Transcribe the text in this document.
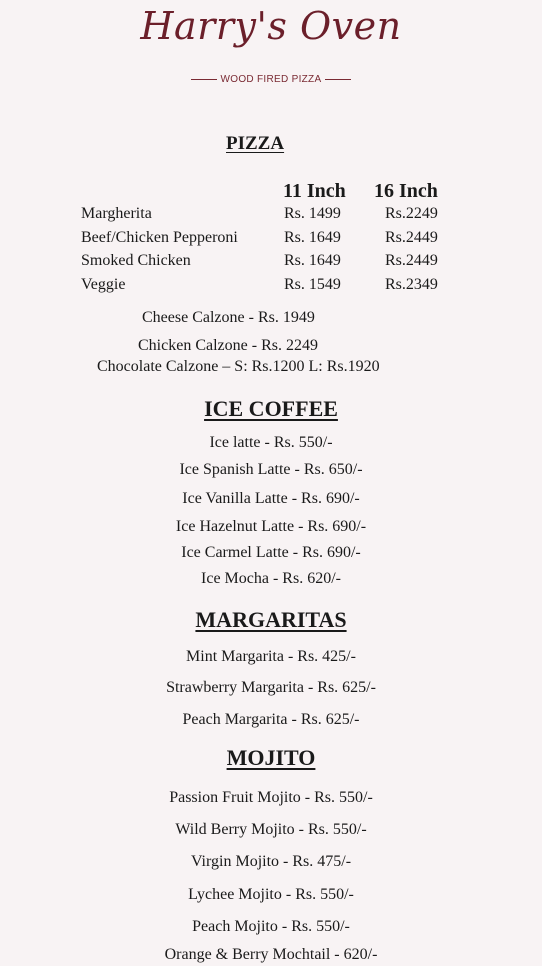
Harry's Oven
WOOD FIRED PIZZA
PIZZA
11 Inch 16 Inch
Margherita	Rs. 1499	Rs.2249
Beef/Chicken Pepperoni	Rs. 1649	Rs.2449
Smoked Chicken	Rs. 1649	Rs.2449
Veggie	Rs. 1549	Rs.2349
Cheese Calzone - Rs. 1949
Chicken Calzone - Rs. 2249
Chocolate Calzone – S: Rs.1200 L: Rs.1920
ICE COFFEE
Ice latte - Rs. 550/-
Ice Spanish Latte - Rs. 650/-
Ice Vanilla Latte - Rs. 690/-
Ice Hazelnut Latte - Rs. 690/-
Ice Carmel Latte - Rs. 690/-
Ice Mocha - Rs. 620/-
MARGARITAS
Mint Margarita - Rs. 425/-
Strawberry Margarita - Rs. 625/-
Peach Margarita - Rs. 625/-
MOJITO
Passion Fruit Mojito - Rs. 550/-
Wild Berry Mojito - Rs. 550/-
Virgin Mojito - Rs. 475/-
Lychee Mojito - Rs. 550/-
Peach Mojito - Rs. 550/-
Orange & Berry Mochtail - 620/-
